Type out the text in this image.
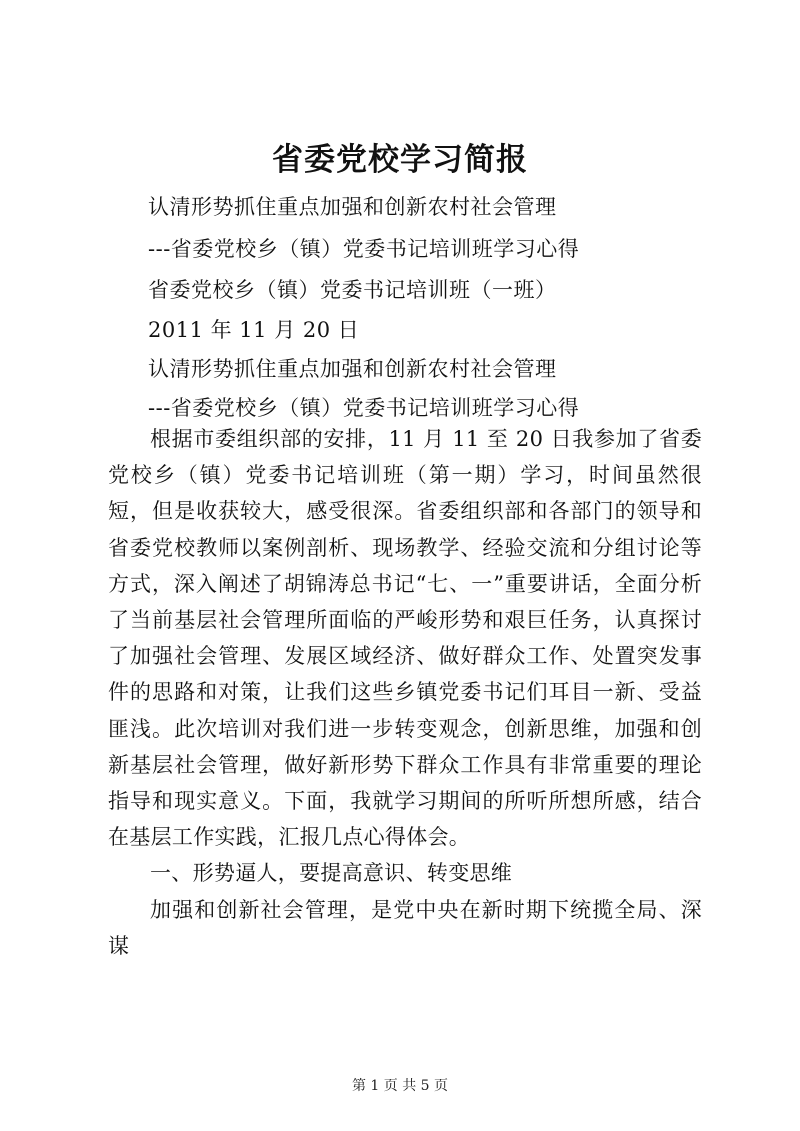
省委党校学习简报
认清形势抓住重点加强和创新农村社会管理
---省委党校乡（镇）党委书记培训班学习心得
省委党校乡（镇）党委书记培训班（一班）
2011 年 11 月 20 日
认清形势抓住重点加强和创新农村社会管理
---省委党校乡（镇）党委书记培训班学习心得

根据市委组织部的安排，11 月 11 至 20 日我参加了省委党校乡（镇）党委书记培训班（第一期）学习，时间虽然很短，但是收获较大，感受很深。省委组织部和各部门的领导和省委党校教师以案例剖析、现场教学、经验交流和分组讨论等方式，深入阐述了胡锦涛总书记“七、一”重要讲话，全面分析了当前基层社会管理所面临的严峻形势和艰巨任务，认真探讨了加强社会管理、发展区域经济、做好群众工作、处置突发事件的思路和对策，让我们这些乡镇党委书记们耳目一新、受益匪浅。此次培训对我们进一步转变观念，创新思维，加强和创新基层社会管理，做好新形势下群众工作具有非常重要的理论指导和现实意义。下面，我就学习期间的所听所想所感，结合在基层工作实践，汇报几点心得体会。

一、形势逼人，要提高意识、转变思维

加强和创新社会管理，是党中央在新时期下统揽全局、深谋

第 1 页 共 5 页
